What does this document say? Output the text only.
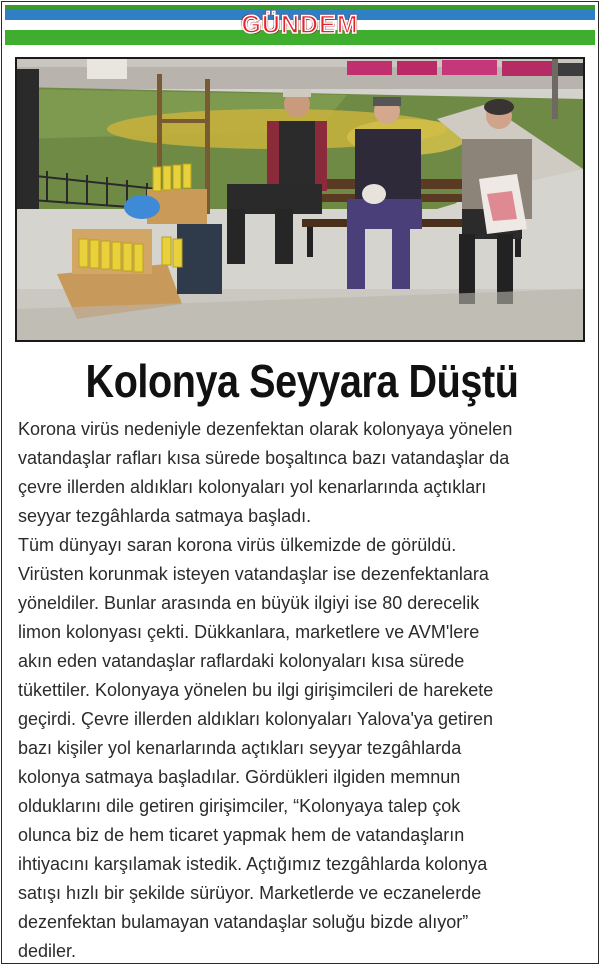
GÜNDEM
Kolonya Seyyara Düştü

Korona virüs nedeniyle dezenfektan olarak kolonyaya yönelen
vatandaşlar rafları kısa sürede boşaltınca bazı vatandaşlar da
çevre illerden aldıkları kolonyaları yol kenarlarında açtıkları
seyyar tezgâhlarda satmaya başladı.

Tüm dünyayı saran korona virüs ülkemizde de görüldü.
Virüsten korunmak isteyen vatandaşlar ise dezenfektanlara
yöneldiler. Bunlar arasında en büyük ilgiyi ise 80 derecelik
limon kolonyası çekti. Dükkanlara, marketlere ve AVM'lere
akın eden vatandaşlar raflardaki kolonyaları kısa sürede
tükettiler. Kolonyaya yönelen bu ilgi girişimcileri de harekete
geçirdi. Çevre illerden aldıkları kolonyaları Yalova'ya getiren
bazı kişiler yol kenarlarında açtıkları seyyar tezgâhlarda
kolonya satmaya başladılar. Gördükleri ilgiden memnun
olduklarını dile getiren girişimciler, “Kolonyaya talep çok
olunca biz de hem ticaret yapmak hem de vatandaşların
ihtiyacını karşılamak istedik. Açtığımız tezgâhlarda kolonya
satışı hızlı bir şekilde sürüyor. Marketlerde ve eczanelerde
dezenfektan bulamayan vatandaşlar soluğu bizde alıyor”
dediler.
